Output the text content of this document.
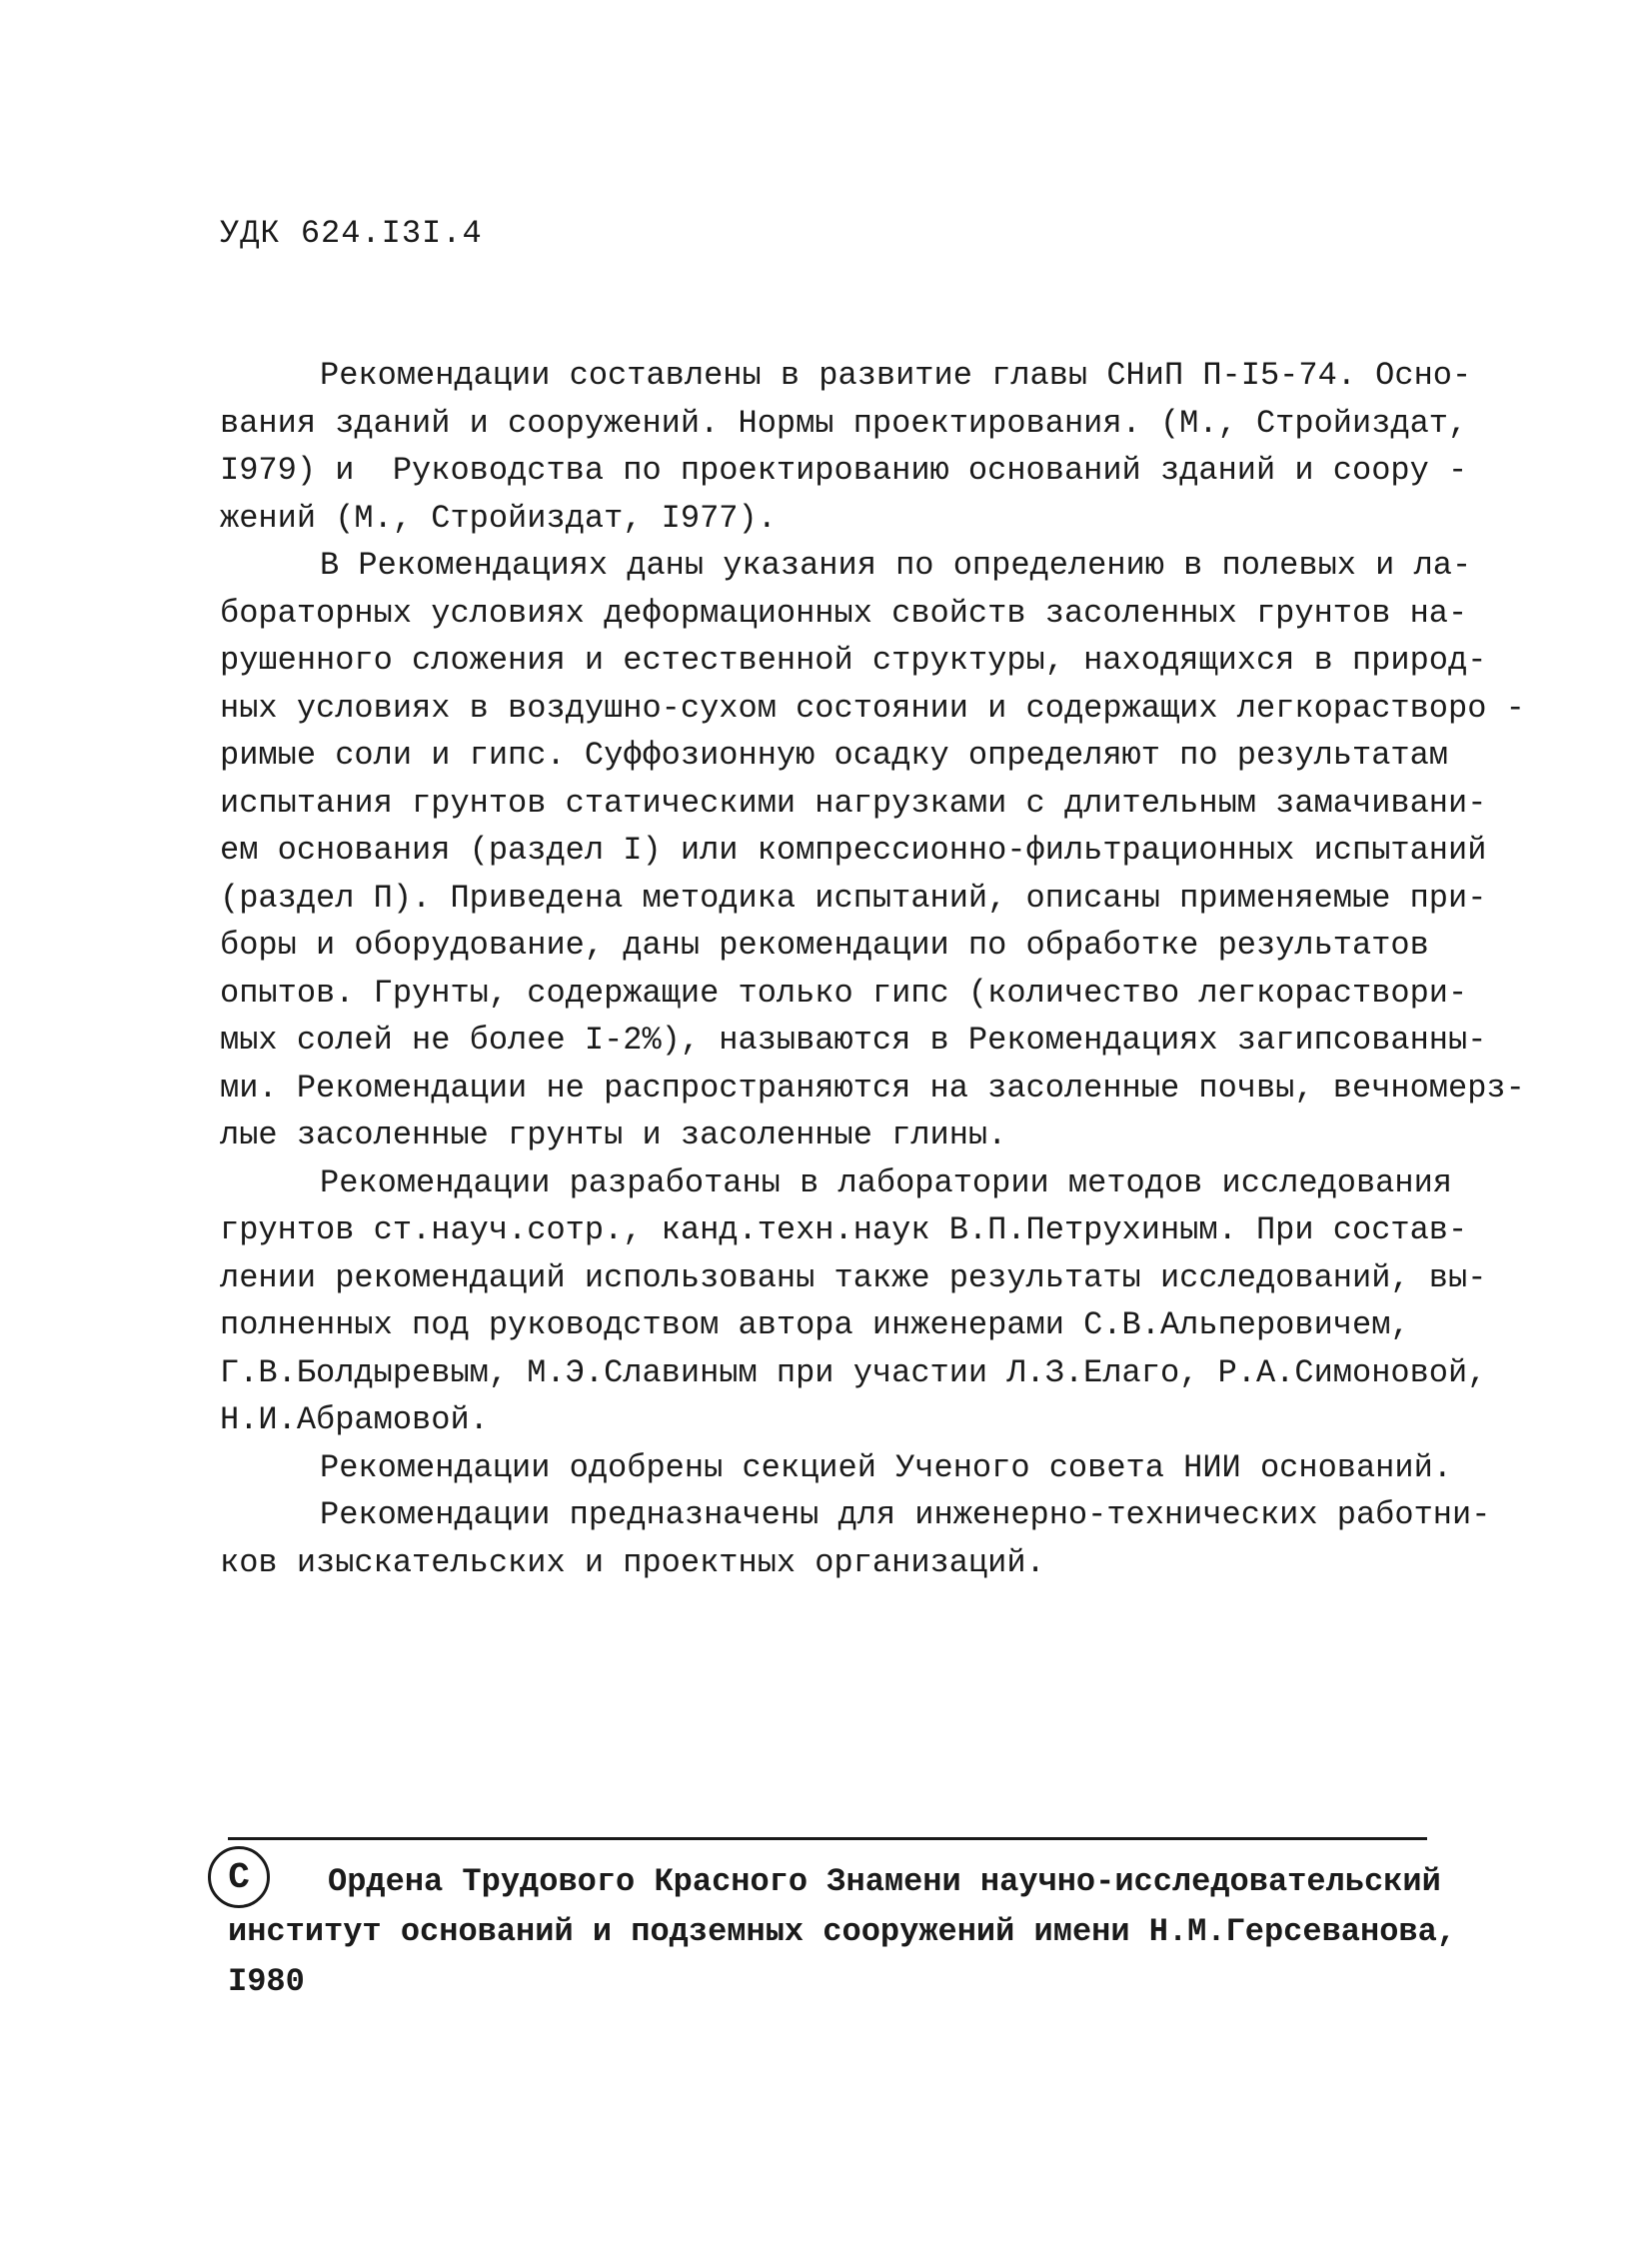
УДК 624.I3I.4
Рекомендации составлены в развитие главы СНиП П-I5-74. Осно-
вания зданий и сооружений. Нормы проектирования. (М., Стройиздат,
I979) и  Руководства по проектированию оснований зданий и соору -
жений (М., Стройиздат, I977).
В Рекомендациях даны указания по определению в полевых и ла-
бораторных условиях деформационных свойств засоленных грунтов на-
рушенного сложения и естественной структуры, находящихся в природ-
ных условиях в воздушно-сухом состоянии и содержащих легкорастворо -
римые соли и гипс. Суффозионную осадку определяют по результатам
испытания грунтов статическими нагрузками с длительным замачивани-
ем основания (раздел I) или компрессионно-фильтрационных испытаний
(раздел П). Приведена методика испытаний, описаны применяемые при-
боры и оборудование, даны рекомендации по обработке результатов
опытов. Грунты, содержащие только гипс (количество легкораствори-
мых солей не более I-2%), называются в Рекомендациях загипсованны-
ми. Рекомендации не распространяются на засоленные почвы, вечномерз-
лые засоленные грунты и засоленные глины.
Рекомендации разработаны в лаборатории методов исследования
грунтов ст.науч.сотр., канд.техн.наук В.П.Петрухиным. При состав-
лении рекомендаций использованы также результаты исследований, вы-
полненных под руководством автора инженерами С.В.Альперовичем,
Г.В.Болдыревым, М.Э.Славиным при участии Л.З.Елаго, Р.А.Симоновой,
Н.И.Абрамовой.
Рекомендации одобрены секцией Ученого совета НИИ оснований.
Рекомендации предназначены для инженерно-технических работни-
ков изыскательских и проектных организаций.
С	Ордена Трудового Красного Знамени научно-исследовательский
институт оснований и подземных сооружений имени Н.М.Герсеванова,
I980
